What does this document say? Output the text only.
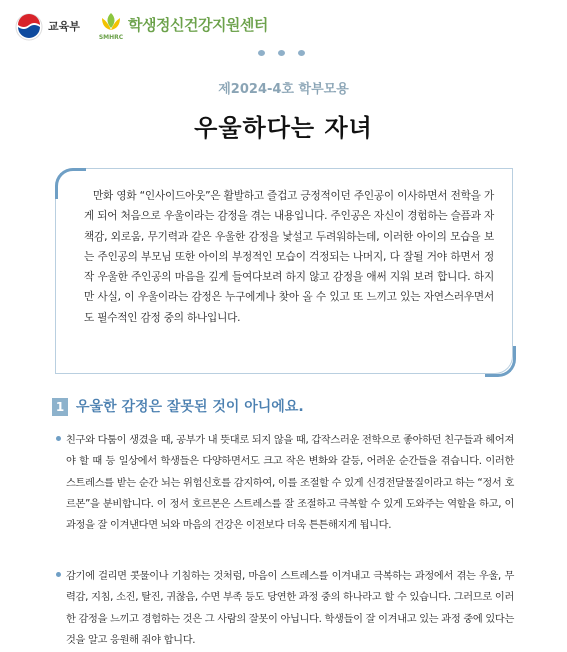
교육부
SMHRC
학생정신건강지원센터
제2024-4호 학부모용
우울하다는 자녀
만화 영화 “인사이드아웃”은 활발하고 즐겁고 긍정적이던 주인공이 이사하면서 전학을 가게 되어 처음으로 우울이라는 감정을 겪는 내용입니다. 주인공은 자신이 경험하는 슬픔과 자책감, 외로움, 무기력과 같은 우울한 감정을 낯설고 두려워하는데, 이러한 아이의 모습을 보는 주인공의 부모님 또한 아이의 부정적인 모습이 걱정되는 나머지, 다 잘될 거야 하면서 정작 우울한 주인공의 마음을 깊게 들여다보려 하지 않고 감정을 애써 지워 보려 합니다. 하지만 사실, 이 우울이라는 감정은 누구에게나 찾아 올 수 있고 또 느끼고 있는 자연스러우면서도 필수적인 감정 중의 하나입니다.
1 우울한 감정은 잘못된 것이 아니에요.
친구와 다툼이 생겼을 때, 공부가 내 뜻대로 되지 않을 때, 갑작스러운 전학으로 좋아하던 친구들과 헤어져야 할 때 등 일상에서 학생들은 다양하면서도 크고 작은 변화와 갈등, 어려운 순간들을 겪습니다. 이러한 스트레스를 받는 순간 뇌는 위험신호를 감지하여, 이를 조절할 수 있게 신경전달물질이라고 하는 “정서 호르몬”을 분비합니다. 이 정서 호르몬은 스트레스를 잘 조절하고 극복할 수 있게 도와주는 역할을 하고, 이 과정을 잘 이겨낸다면 뇌와 마음의 건강은 이전보다 더욱 튼튼해지게 됩니다.
감기에 걸리면 콧물이나 기침하는 것처럼, 마음이 스트레스를 이겨내고 극복하는 과정에서 겪는 우울, 무력감, 지침, 소진, 탈진, 귀찮음, 수면 부족 등도 당연한 과정 중의 하나라고 할 수 있습니다. 그러므로 이러한 감정을 느끼고 경험하는 것은 그 사람의 잘못이 아닙니다. 학생들이 잘 이겨내고 있는 과정 중에 있다는 것을 알고 응원해 줘야 합니다.
